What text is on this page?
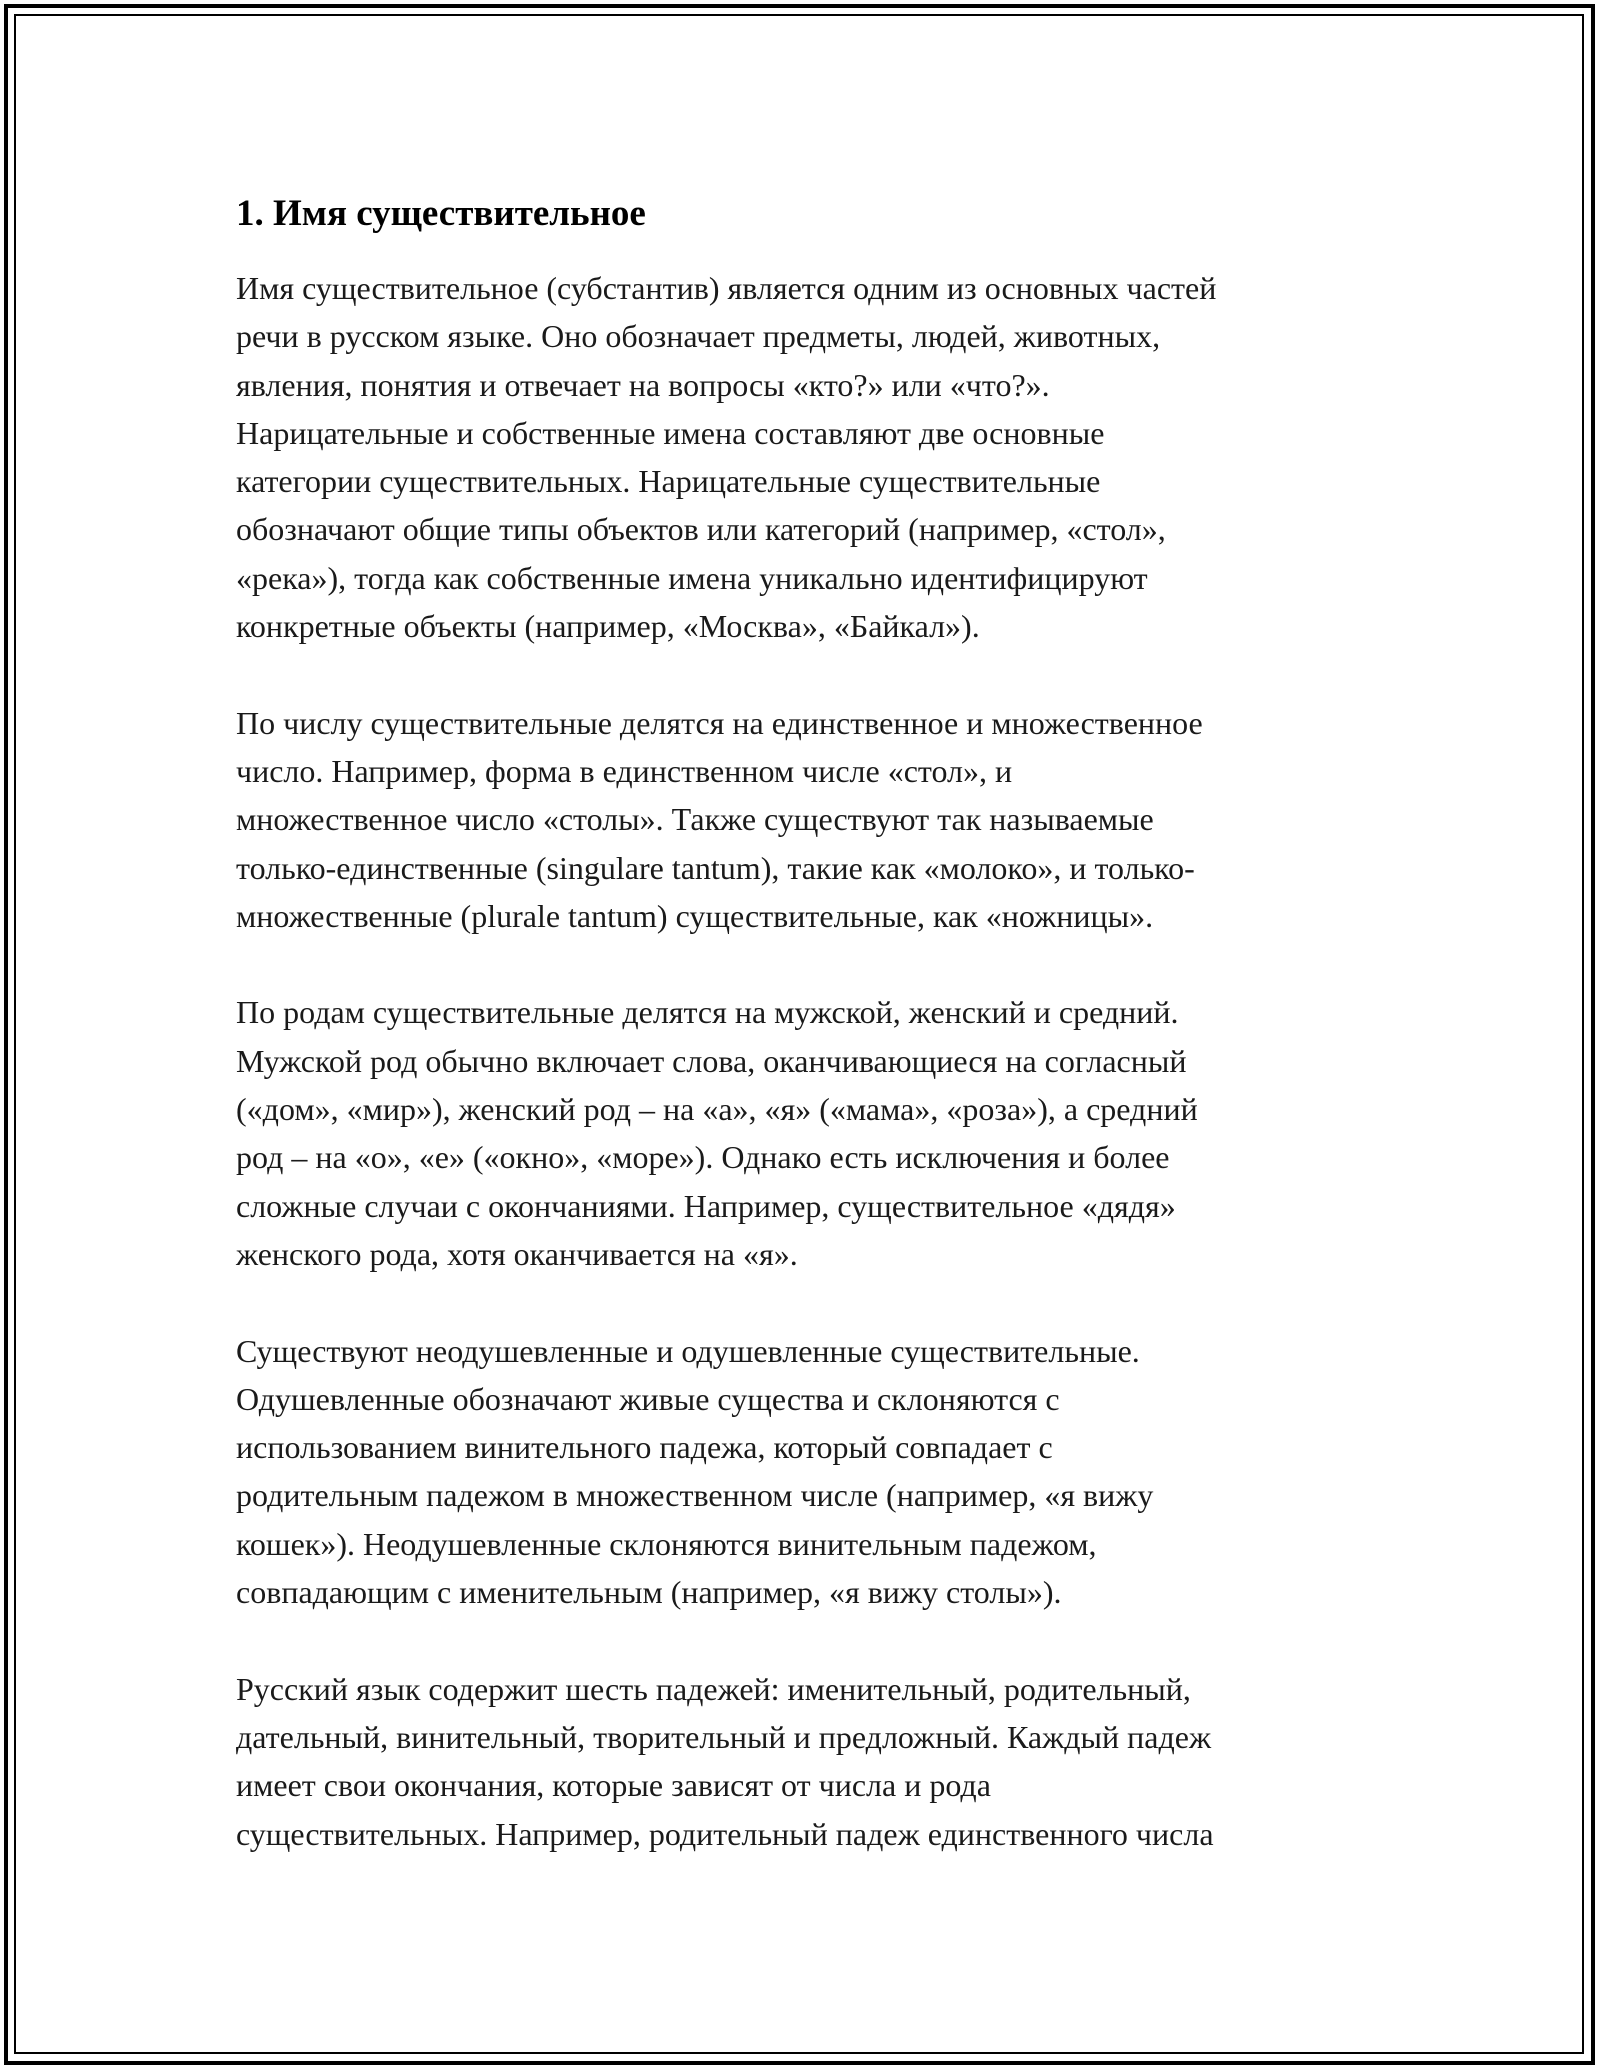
1. Имя существительное

Имя существительное (субстантив) является одним из основных частей
речи в русском языке. Оно обозначает предметы, людей, животных,
явления, понятия и отвечает на вопросы «кто?» или «что?».
Нарицательные и собственные имена составляют две основные
категории существительных. Нарицательные существительные
обозначают общие типы объектов или категорий (например, «стол»,
«река»), тогда как собственные имена уникально идентифицируют
конкретные объекты (например, «Москва», «Байкал»).

По числу существительные делятся на единственное и множественное
число. Например, форма в единственном числе «стол», и
множественное число «столы». Также существуют так называемые
только-единственные (singulare tantum), такие как «молоко», и только-
множественные (plurale tantum) существительные, как «ножницы».

По родам существительные делятся на мужской, женский и средний.
Мужской род обычно включает слова, оканчивающиеся на согласный
(«дом», «мир»), женский род – на «а», «я» («мама», «роза»), а средний
род – на «о», «е» («окно», «море»). Однако есть исключения и более
сложные случаи с окончаниями. Например, существительное «дядя»
женского рода, хотя оканчивается на «я».

Существуют неодушевленные и одушевленные существительные.
Одушевленные обозначают живые существа и склоняются с
использованием винительного падежа, который совпадает с
родительным падежом в множественном числе (например, «я вижу
кошек»). Неодушевленные склоняются винительным падежом,
совпадающим с именительным (например, «я вижу столы»).

Русский язык содержит шесть падежей: именительный, родительный,
дательный, винительный, творительный и предложный. Каждый падеж
имеет свои окончания, которые зависят от числа и рода
существительных. Например, родительный падеж единственного числа
